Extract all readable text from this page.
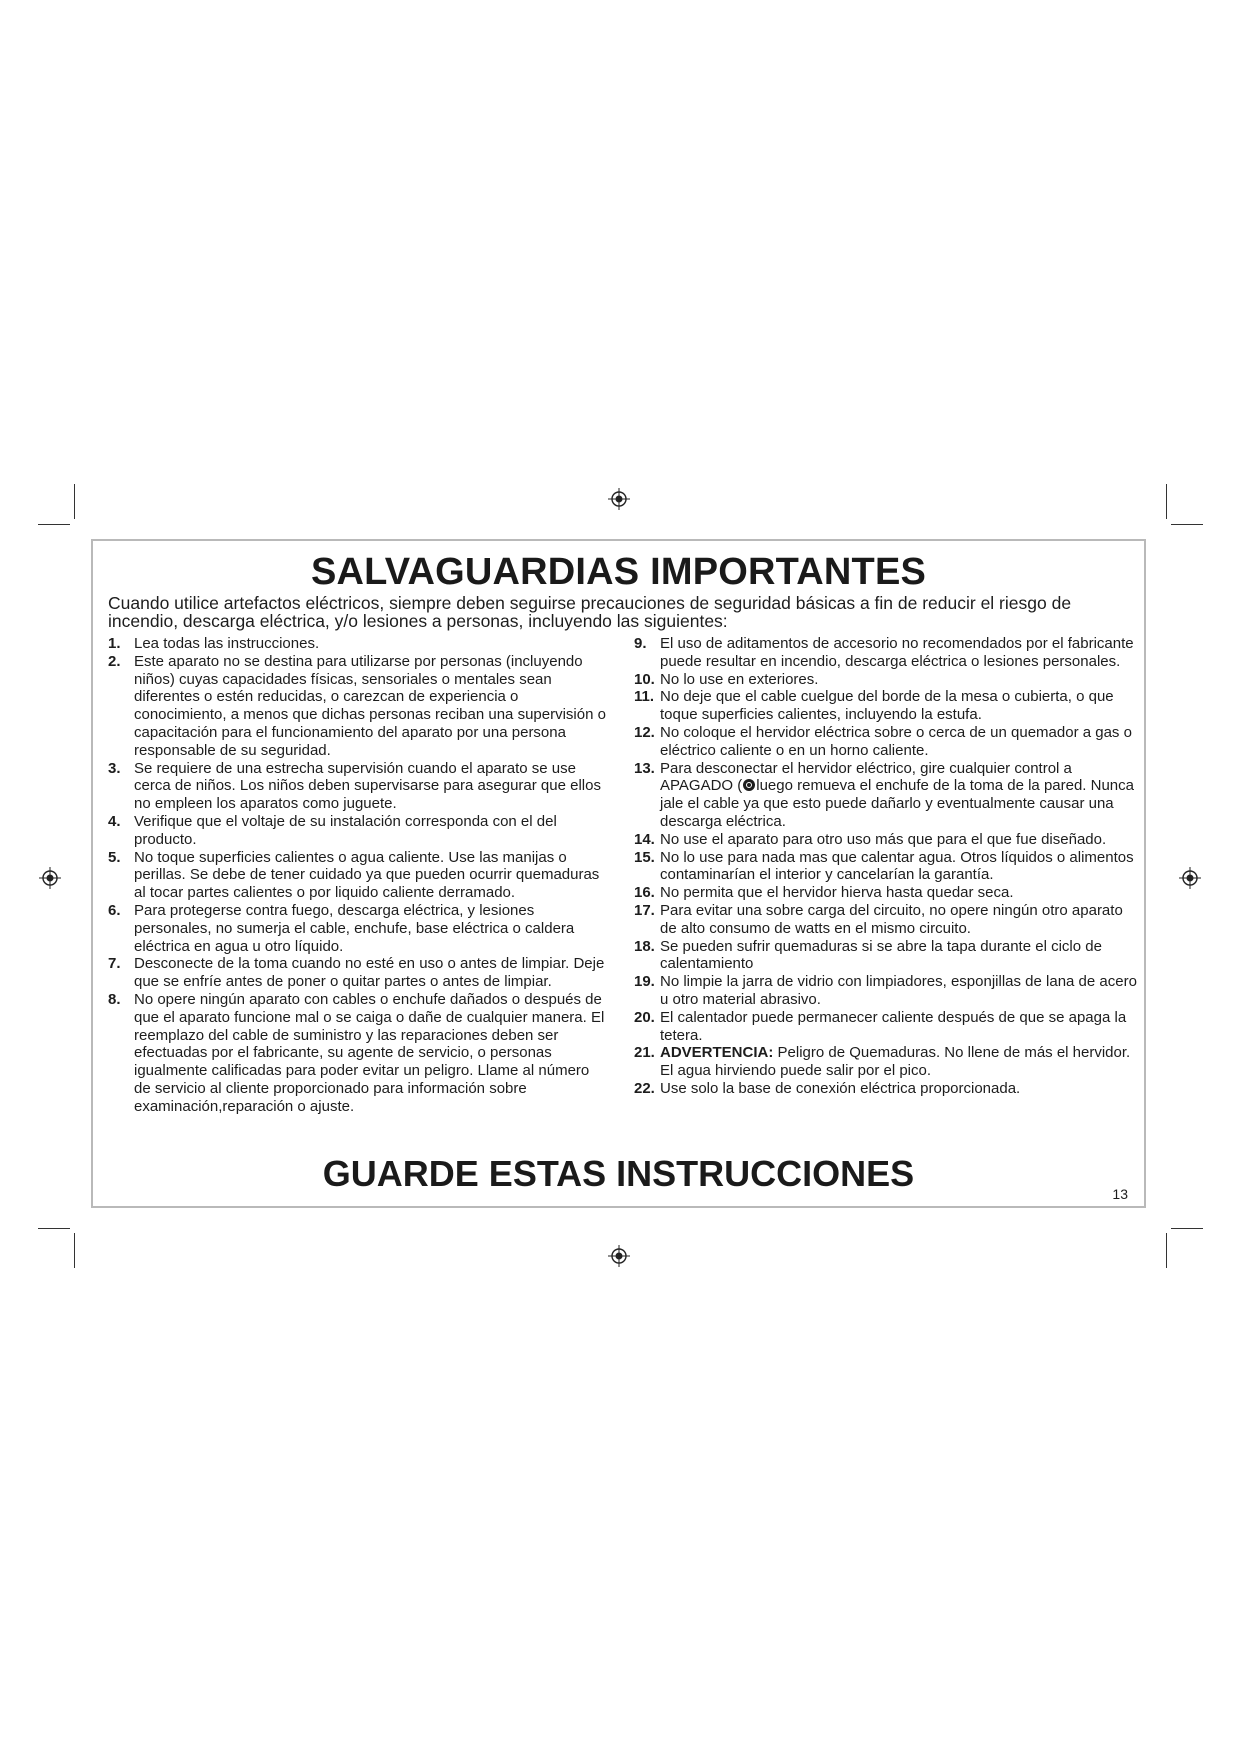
SALVAGUARDIAS IMPORTANTES
Cuando utilice artefactos eléctricos, siempre deben seguirse precauciones de seguridad básicas a fin de reducir el riesgo de incendio, descarga eléctrica, y/o lesiones a personas, incluyendo las siguientes:
1. Lea todas las instrucciones.
2. Este aparato no se destina para utilizarse por personas (incluyendo niños) cuyas capacidades físicas, sensoriales o mentales sean diferentes o estén reducidas, o carezcan de experiencia o conocimiento, a menos que dichas personas reciban una supervisión o capacitación para el funcionamiento del aparato por una persona responsable de su seguridad.
3. Se requiere de una estrecha supervisión cuando el aparato se use cerca de niños. Los niños deben supervisarse para asegurar que ellos no empleen los aparatos como juguete.
4. Verifique que el voltaje de su instalación corresponda con el del producto.
5. No toque superficies calientes o agua caliente. Use las manijas o perillas. Se debe de tener cuidado ya que pueden ocurrir quemaduras al tocar partes calientes o por liquido caliente derramado.
6. Para protegerse contra fuego, descarga eléctrica, y lesiones personales, no sumerja el cable, enchufe, base eléctrica o caldera eléctrica en agua u otro líquido.
7. Desconecte de la toma cuando no esté en uso o antes de limpiar. Deje que se enfríe antes de poner o quitar partes o antes de limpiar.
8. No opere ningún aparato con cables o enchufe dañados o después de que el aparato funcione mal o se caiga o dañe de cualquier manera. El reemplazo del cable de suministro y las reparaciones deben ser efectuadas por el fabricante, su agente de servicio, o personas igualmente calificadas para poder evitar un peligro. Llame al número de servicio al cliente proporcionado para información sobre examinación,reparación o ajuste.
9. El uso de aditamentos de accesorio no recomendados por el fabricante puede resultar en incendio, descarga eléctrica o lesiones personales.
10. No lo use en exteriores.
11. No deje que el cable cuelgue del borde de la mesa o cubierta, o que toque superficies calientes, incluyendo la estufa.
12. No coloque el hervidor eléctrica sobre o cerca de un quemador a gas o eléctrico caliente o en un horno caliente.
13. Para desconectar el hervidor eléctrico, gire cualquier control a APAGADO ( luego remueva el enchufe de la toma de la pared. Nunca jale el cable ya que esto puede dañarlo y eventualmente causar una descarga eléctrica.
14. No use el aparato para otro uso más que para el que fue diseñado.
15. No lo use para nada mas que calentar agua. Otros líquidos o alimentos contaminarían el interior y cancelarían la garantía.
16. No permita que el hervidor hierva hasta quedar seca.
17. Para evitar una sobre carga del circuito, no opere ningún otro aparato de alto consumo de watts en el mismo circuito.
18. Se pueden sufrir quemaduras si se abre la tapa durante el ciclo de calentamiento
19. No limpie la jarra de vidrio con limpiadores, esponjillas de lana de acero u otro material abrasivo.
20. El calentador puede permanecer caliente después de que se apaga la tetera.
21. ADVERTENCIA: Peligro de Quemaduras. No llene de más el hervidor. El agua hirviendo puede salir por el pico.
22. Use solo la base de conexión eléctrica proporcionada.
GUARDE ESTAS INSTRUCCIONES	13
